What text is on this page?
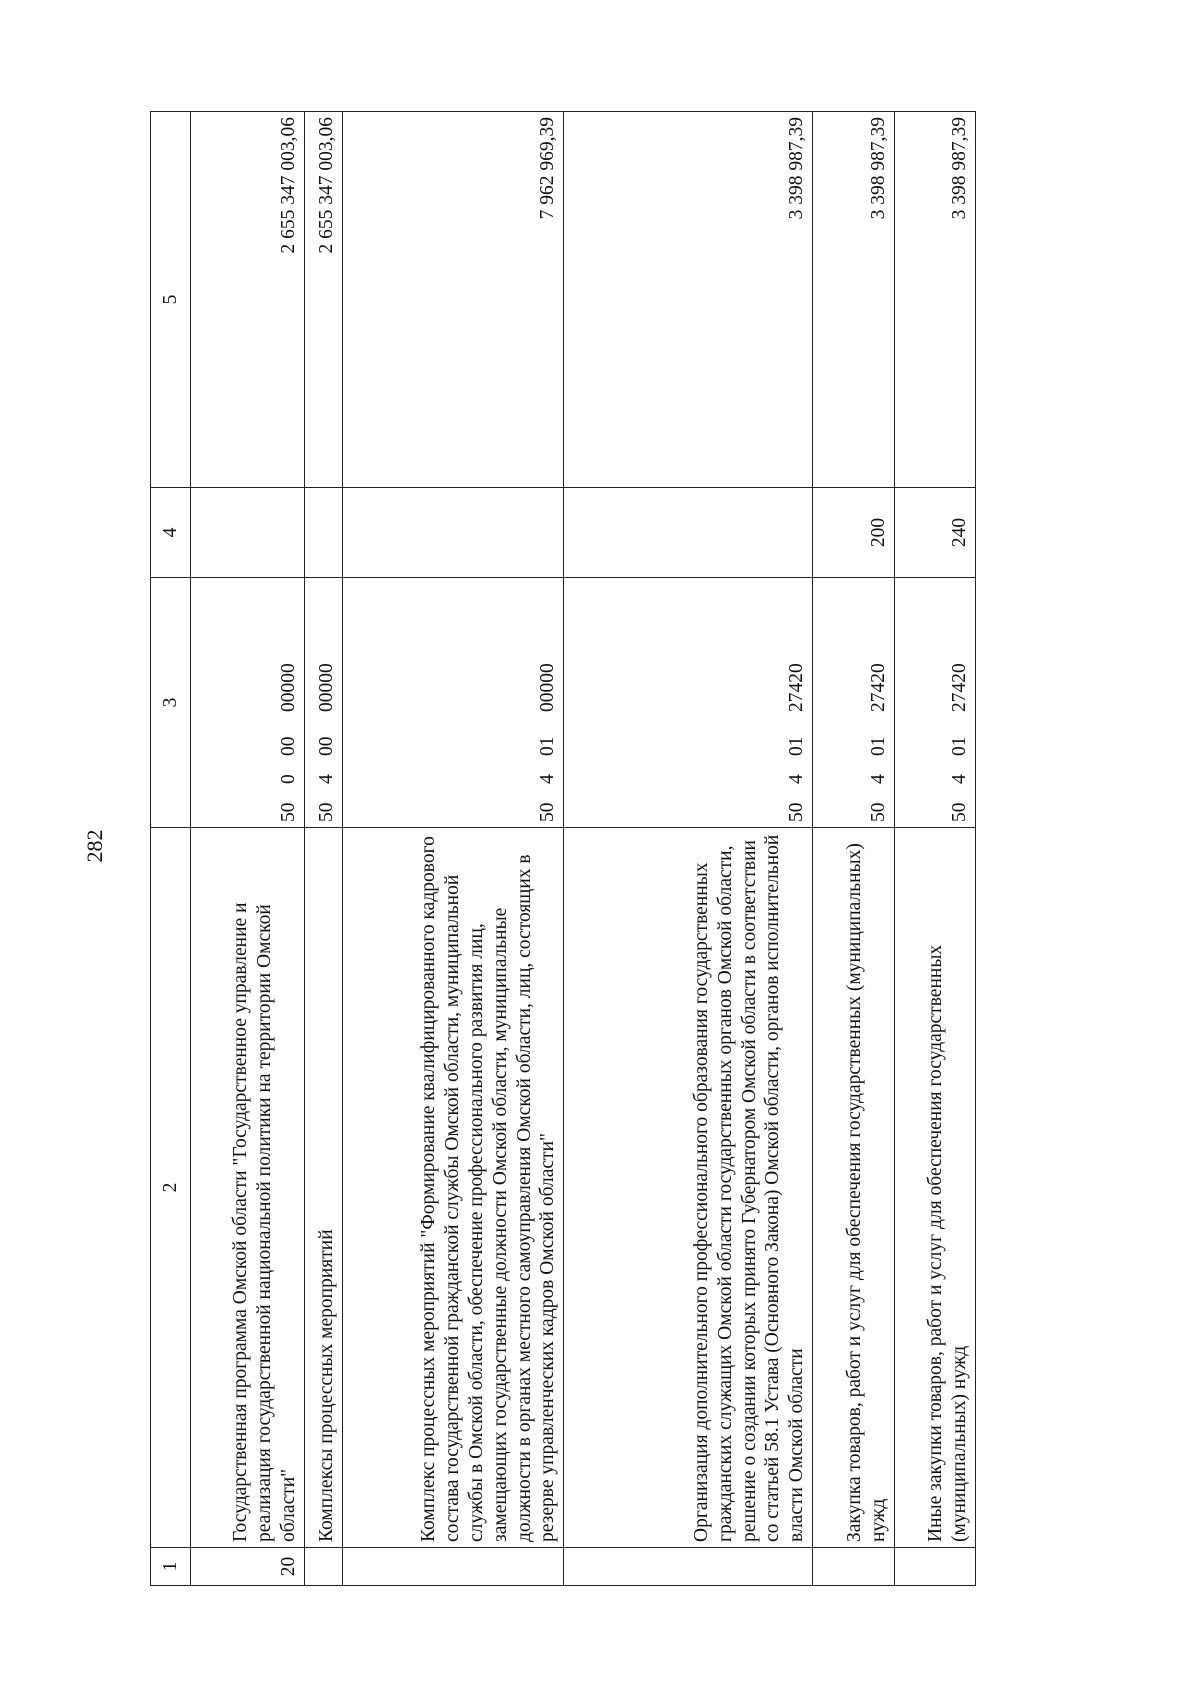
282
1	2	3	4	5
20	Государственная программа Омской области "Государственное управление и реализация государственной национальной политики на территории Омской области"	5000000000		2 655 347 003,06
	Комплексы процессных мероприятий	5040000000		2 655 347 003,06
	Комплекс процессных мероприятий "Формирование квалифицированного кадрового состава государственной гражданской службы Омской области, муниципальной службы в Омской области, обеспечение профессионального развития лиц, замещающих государственные должности Омской области, муниципальные должности в органах местного самоуправления Омской области, лиц, состоящих в резерве управленческих кадров Омской области"	5040100000		7 962 969,39
	Организация дополнительного профессионального образования государственных гражданских служащих Омской области государственных органов Омской области, решение о создании которых принято Губернатором Омской области в соответствии со статьей 58.1 Устава (Основного Закона) Омской области, органов исполнительной власти Омской области	5040127420		3 398 987,39
	Закупка товаров, работ и услуг для обеспечения государственных (муниципальных) нужд	5040127420	200	3 398 987,39
	Иные закупки товаров, работ и услуг для обеспечения государственных (муниципальных) нужд	5040127420	240	3 398 987,39
